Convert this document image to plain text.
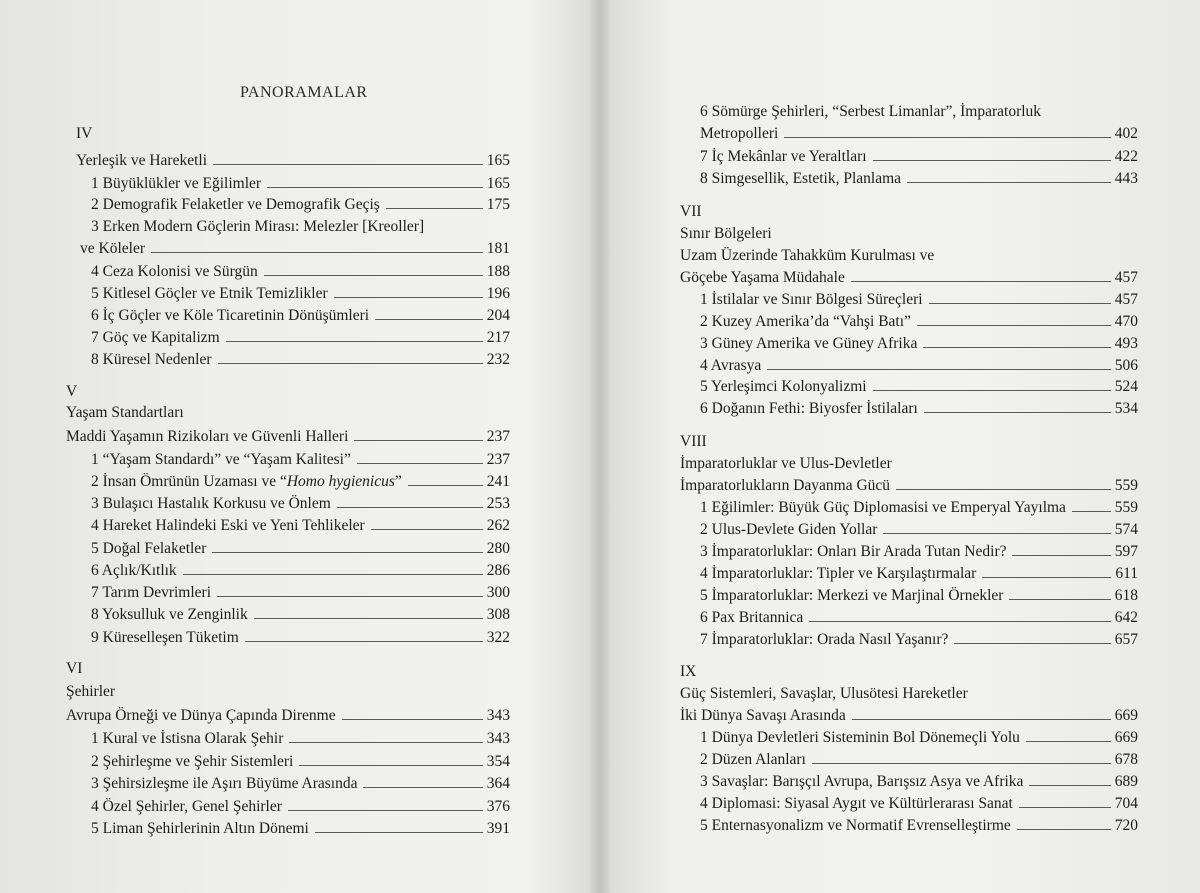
PANORAMALAR
IV
Yerleşik ve Hareketli	165
1 Büyüklükler ve Eğilimler	165
2 Demografik Felaketler ve Demografik Geçiş	175
3 Erken Modern Göçlerin Mirası: Melezler [Kreoller]
ve Köleler	181
4 Ceza Kolonisi ve Sürgün	188
5 Kitlesel Göçler ve Etnik Temizlikler	196
6 İç Göçler ve Köle Ticaretinin Dönüşümleri	204
7 Göç ve Kapitalizm	217
8 Küresel Nedenler	232
V
Yaşam Standartları
Maddi Yaşamın Rizikoları ve Güvenli Halleri	237
1 “Yaşam Standardı” ve “Yaşam Kalitesi”	237
2 İnsan Ömrünün Uzaması ve “Homo hygienicus”	241
3 Bulaşıcı Hastalık Korkusu ve Önlem	253
4 Hareket Halindeki Eski ve Yeni Tehlikeler	262
5 Doğal Felaketler	280
6 Açlık/Kıtlık	286
7 Tarım Devrimleri	300
8 Yoksulluk ve Zenginlik	308
9 Küreselleşen Tüketim	322
VI
Şehirler
Avrupa Örneği ve Dünya Çapında Direnme	343
1 Kural ve İstisna Olarak Şehir	343
2 Şehirleşme ve Şehir Sistemleri	354
3 Şehirsizleşme ile Aşırı Büyüme Arasında	364
4 Özel Şehirler, Genel Şehirler	376
5 Liman Şehirlerinin Altın Dönemi	391
6 Sömürge Şehirleri, “Serbest Limanlar”, İmparatorluk
Metropolleri	402
7 İç Mekânlar ve Yeraltları	422
8 Simgesellik, Estetik, Planlama	443
VII
Sınır Bölgeleri
Uzam Üzerinde Tahakküm Kurulması ve
Göçebe Yaşama Müdahale	457
1 İstilalar ve Sınır Bölgesi Süreçleri	457
2 Kuzey Amerika’da “Vahşi Batı”	470
3 Güney Amerika ve Güney Afrika	493
4 Avrasya	506
5 Yerleşimci Kolonyalizmi	524
6 Doğanın Fethi: Biyosfer İstilaları	534
VIII
İmparatorluklar ve Ulus-Devletler
İmparatorlukların Dayanma Gücü	559
1 Eğilimler: Büyük Güç Diplomasisi ve Emperyal Yayılma	559
2 Ulus-Devlete Giden Yollar	574
3 İmparatorluklar: Onları Bir Arada Tutan Nedir?	597
4 İmparatorluklar: Tipler ve Karşılaştırmalar	611
5 İmparatorluklar: Merkezi ve Marjinal Örnekler	618
6 Pax Britannica	642
7 İmparatorluklar: Orada Nasıl Yaşanır?	657
IX
Güç Sistemleri, Savaşlar, Ulusötesi Hareketler
İki Dünya Savaşı Arasında	669
1 Dünya Devletleri Sisteminin Bol Dönemeçli Yolu	669
2 Düzen Alanları	678
3 Savaşlar: Barışçıl Avrupa, Barışsız Asya ve Afrika	689
4 Diplomasi: Siyasal Aygıt ve Kültürlerarası Sanat	704
5 Enternasyonalizm ve Normatif Evrenselleştirme	720
